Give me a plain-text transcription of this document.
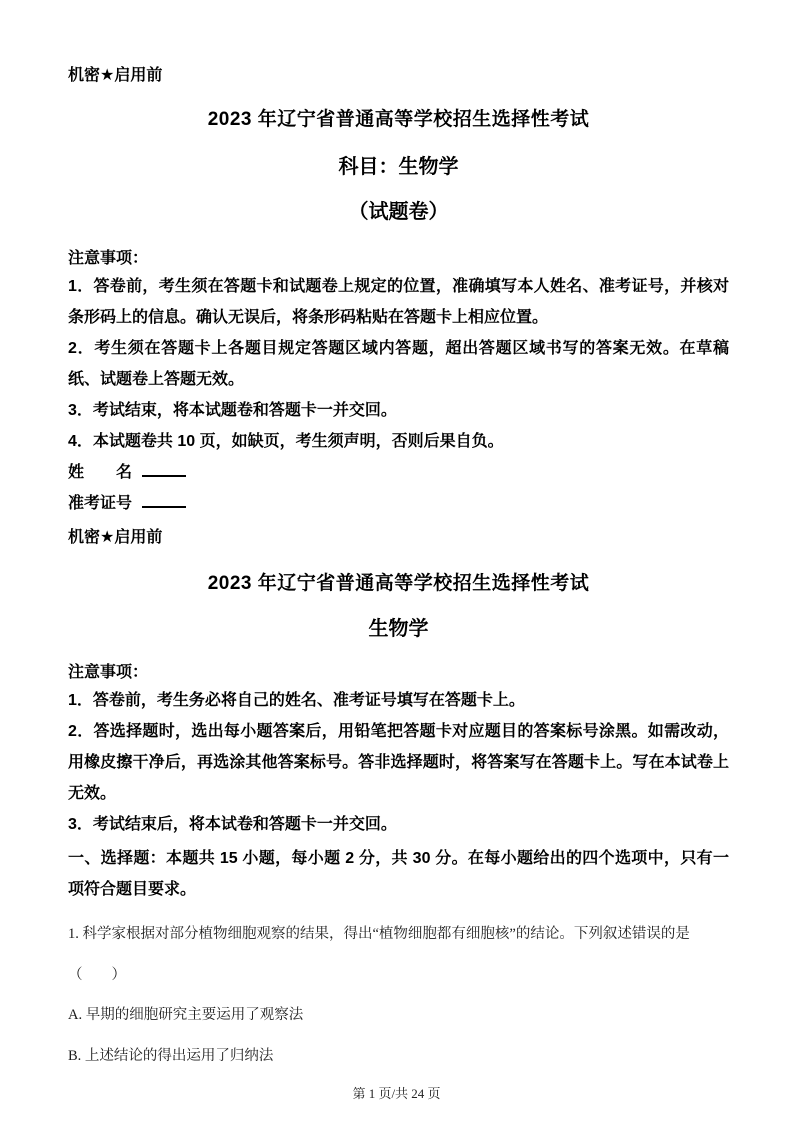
机密★启用前
2023 年辽宁省普通高等学校招生选择性考试
科目：生物学
（试题卷）
注意事项：

1．答卷前，考生须在答题卡和试题卷上规定的位置，准确填写本人姓名、准考证号，并核对条形码上的信息。确认无误后，将条形码粘贴在答题卡上相应位置。

2．考生须在答题卡上各题目规定答题区域内答题，超出答题区域书写的答案无效。在草稿纸、试题卷上答题无效。

3．考试结束，将本试题卷和答题卡一并交回。

4．本试题卷共 10 页，如缺页，考生须声明，否则后果自负。

姓　　名
准考证号
机密★启用前
2023 年辽宁省普通高等学校招生选择性考试
生物学
注意事项：

1．答卷前，考生务必将自己的姓名、准考证号填写在答题卡上。

2．答选择题时，选出每小题答案后，用铅笔把答题卡对应题目的答案标号涂黑。如需改动，用橡皮擦干净后，再选涂其他答案标号。答非选择题时，将答案写在答题卡上。写在本试卷上无效。

3．考试结束后，将本试卷和答题卡一并交回。

一、选择题：本题共 15 小题，每小题 2 分，共 30 分。在每小题给出的四个选项中，只有一项符合题目要求。

1. 科学家根据对部分植物细胞观察的结果，得出“植物细胞都有细胞核”的结论。下列叙述错误的是

（　　）

A. 早期的细胞研究主要运用了观察法

B. 上述结论的得出运用了归纳法

第 1 页/共 24 页
